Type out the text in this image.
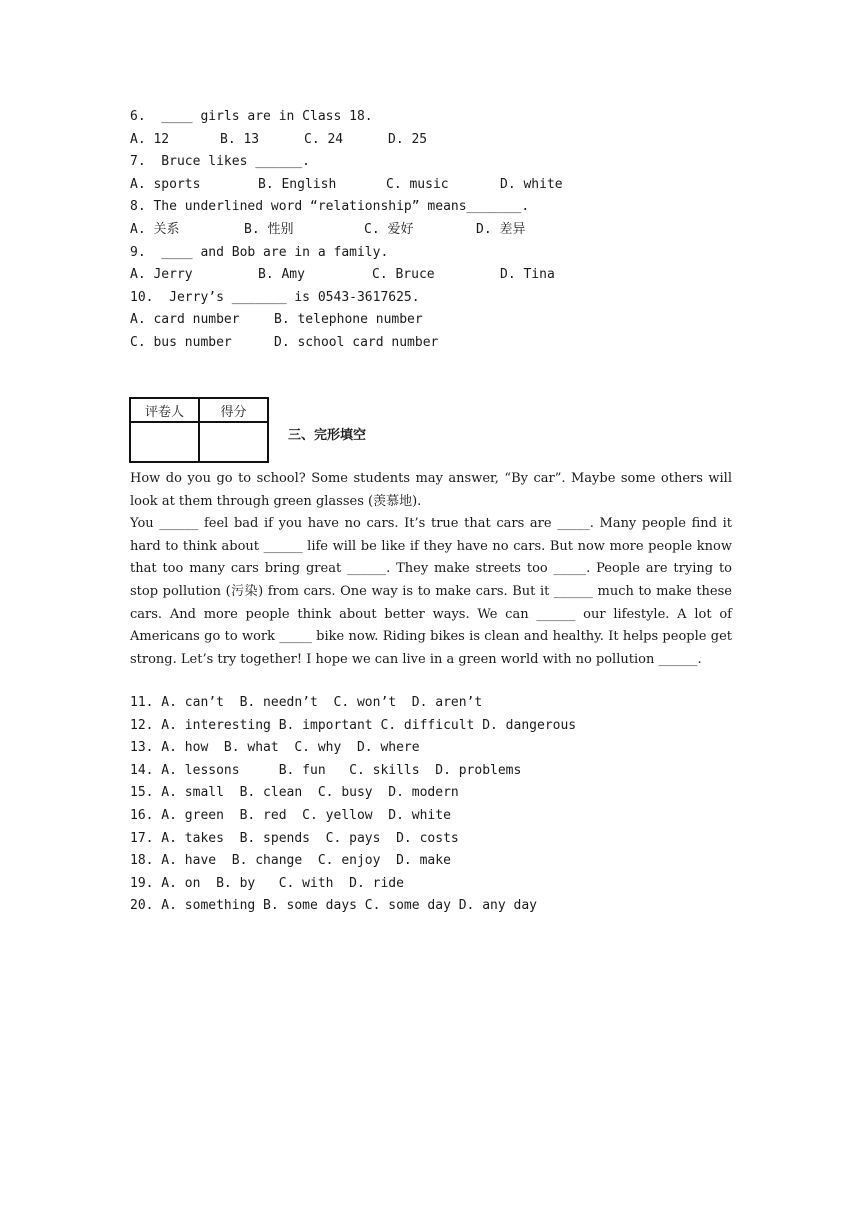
6.  ____ girls are in Class 18.
A. 12	B. 13	C. 24	D. 25
7.  Bruce likes ______.
A. sports	B. English	C. music	D. white
8. The underlined word “relationship” means_______.
A. 关系	B. 性别	C. 爱好	D. 差异
9.  ____ and Bob are in a family.
A. Jerry	B. Amy	C. Bruce	D. Tina
10.  Jerry’s _______ is 0543-3617625.
A. card number	B. telephone number
C. bus number	D. school card number
评卷人	得分

三、完形填空

How do you go to school? Some students may answer, “By car”. Maybe some others will look at them through green glasses (羡慕地).

You ______ feel bad if you have no cars. It’s true that cars are _____. Many people find it hard to think about ______ life will be like if they have no cars. But now more people know that too many cars bring great ______. They make streets too _____. People are trying to stop pollution (污染) from cars. One way is to make cars. But it ______ much to make these cars. And more people think about better ways. We can ______ our lifestyle. A lot of Americans go to work _____ bike now. Riding bikes is clean and healthy. It helps people get strong. Let’s try together! I hope we can live in a green world with no pollution ______.

11. A. can’t  B. needn’t  C. won’t  D. aren’t
12. A. interesting B. important C. difficult D. dangerous
13. A. how  B. what  C. why  D. where
14. A. lessons     B. fun   C. skills  D. problems
15. A. small  B. clean  C. busy  D. modern
16. A. green  B. red  C. yellow  D. white
17. A. takes  B. spends  C. pays  D. costs
18. A. have  B. change  C. enjoy  D. make
19. A. on  B. by   C. with  D. ride
20. A. something B. some days C. some day D. any day
